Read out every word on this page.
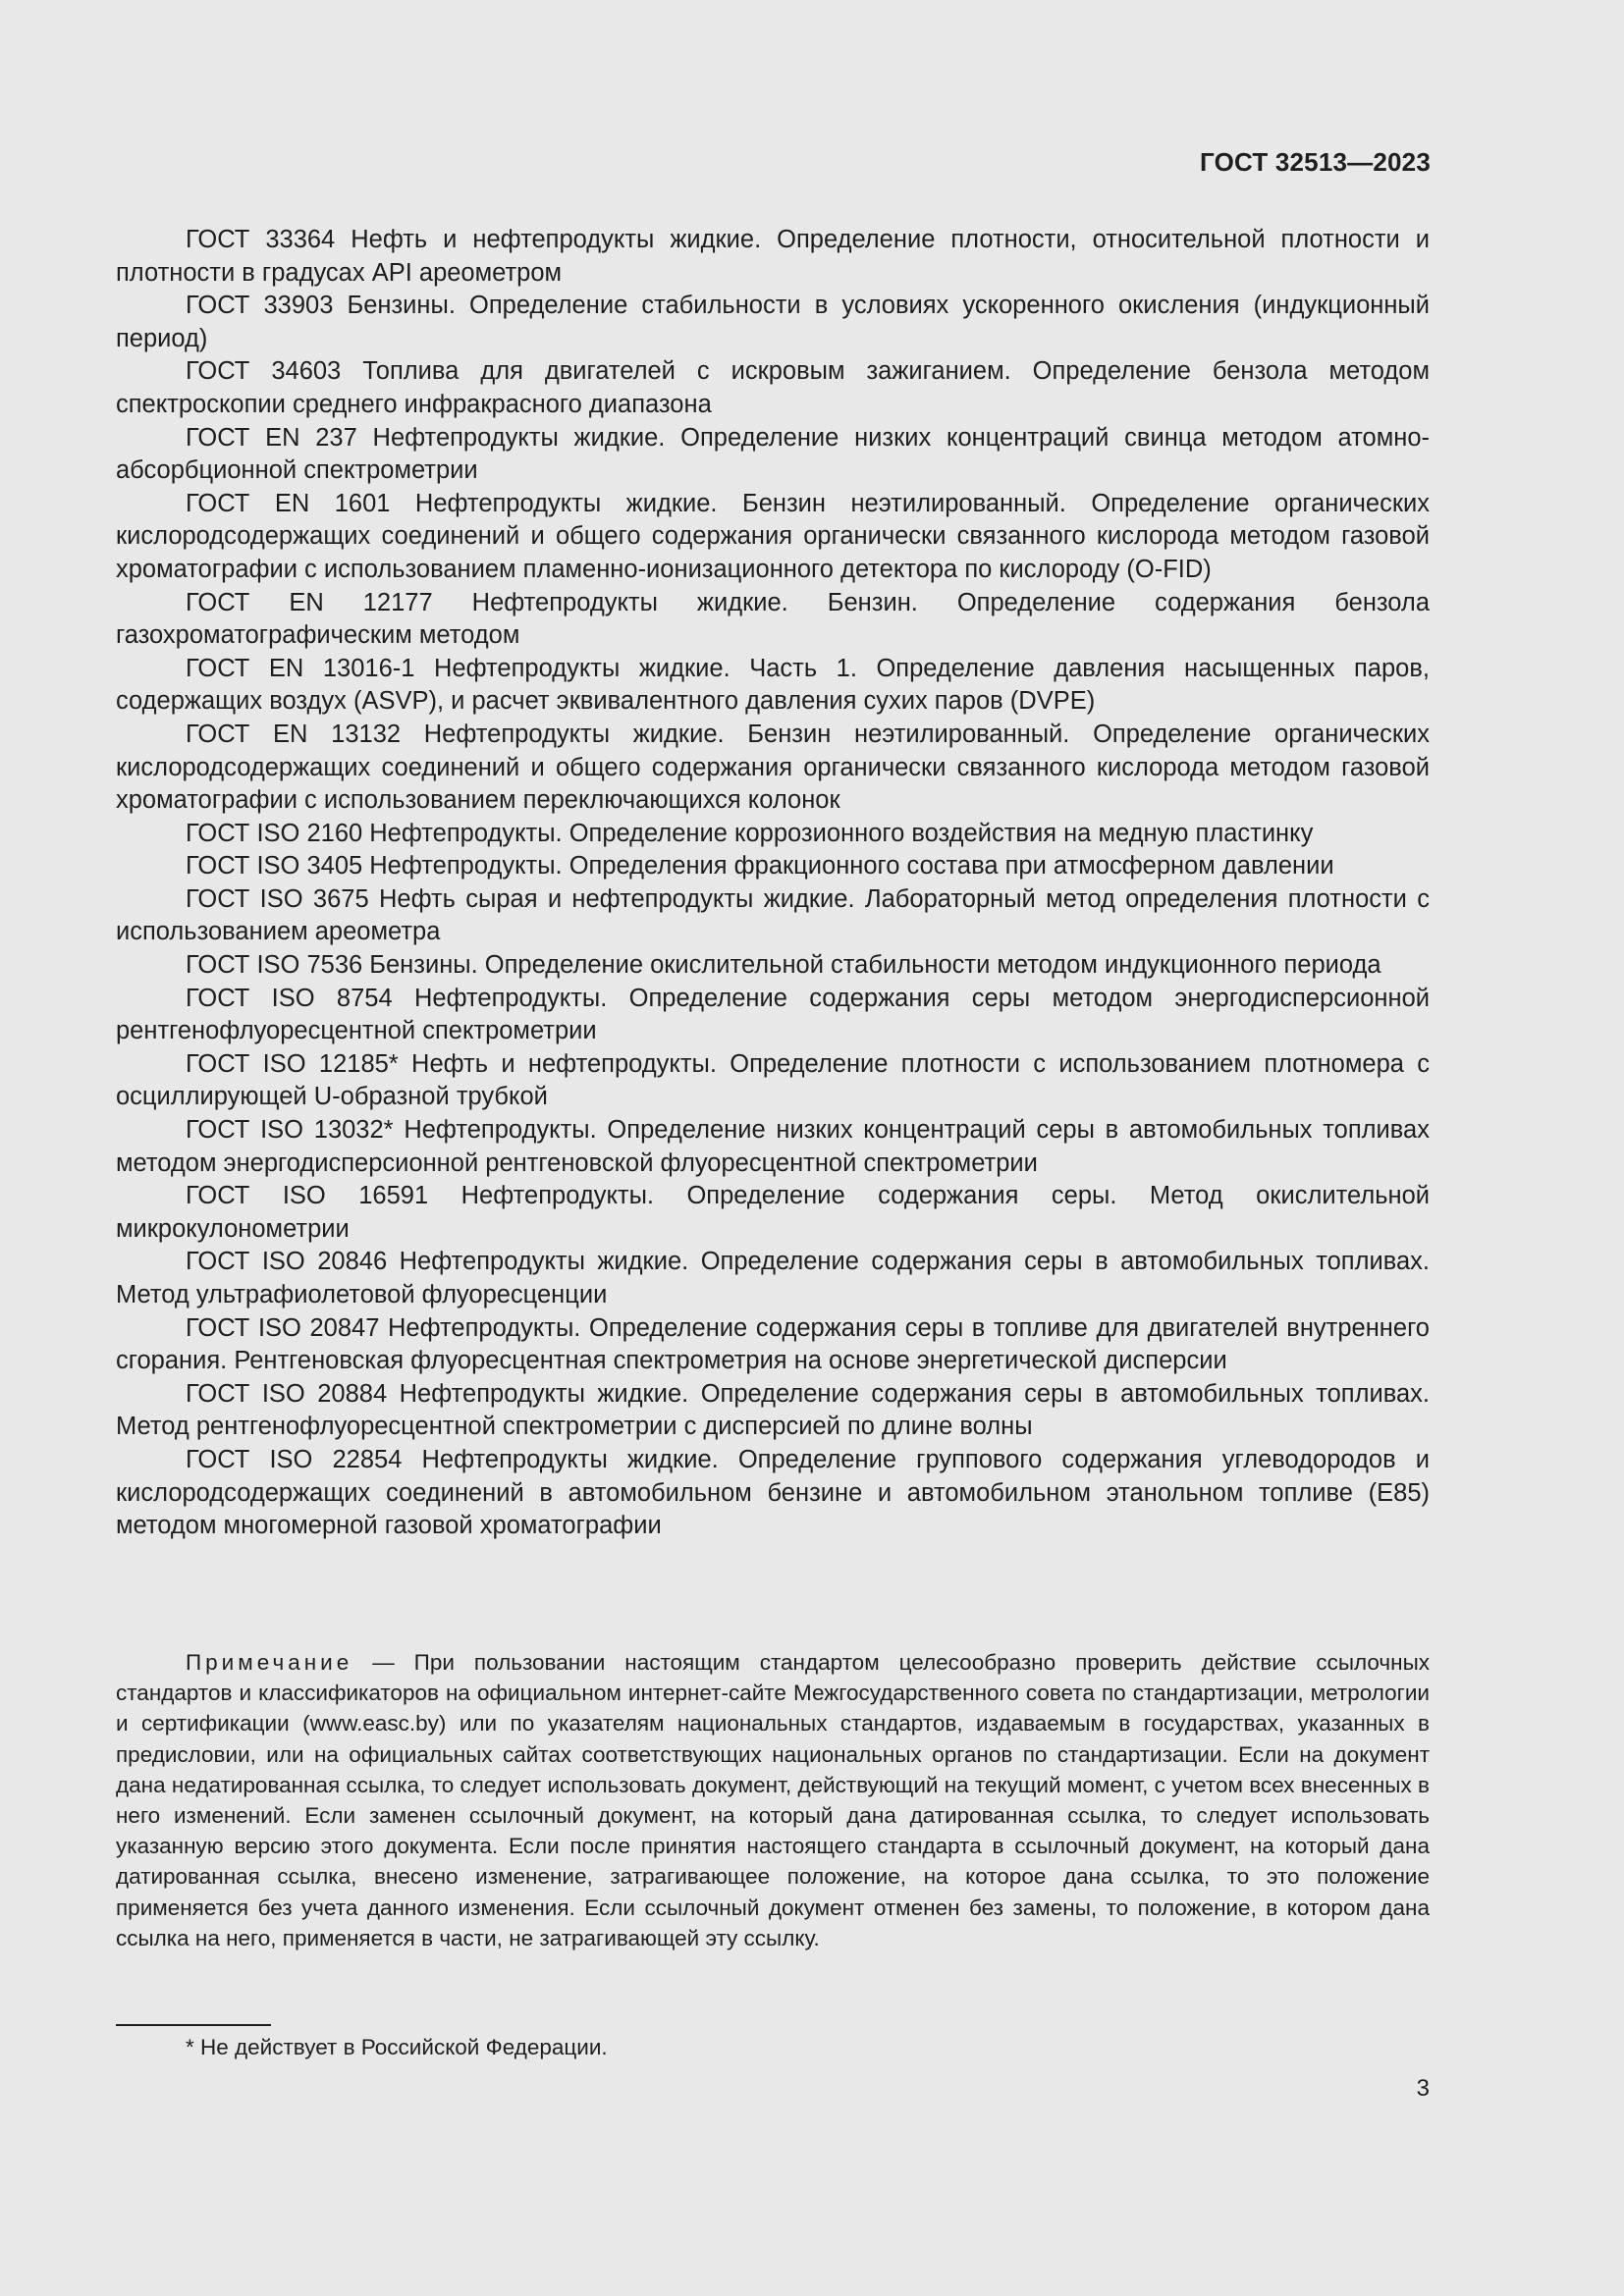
ГОСТ 32513—2023

ГОСТ 33364 Нефть и нефтепродукты жидкие. Определение плотности, относительной плотности и плотности в градусах API ареометром

ГОСТ 33903 Бензины. Определение стабильности в условиях ускоренного окисления (индукционный период)

ГОСТ 34603 Топлива для двигателей с искровым зажиганием. Определение бензола методом спектроскопии среднего инфракрасного диапазона

ГОСТ EN 237 Нефтепродукты жидкие. Определение низких концентраций свинца методом атомно-абсорбционной спектрометрии

ГОСТ EN 1601 Нефтепродукты жидкие. Бензин неэтилированный. Определение органических кислородсодержащих соединений и общего содержания органически связанного кислорода методом газовой хроматографии с использованием пламенно-ионизационного детектора по кислороду (O-FID)

ГОСТ EN 12177 Нефтепродукты жидкие. Бензин. Определение содержания бензола газохроматографическим методом

ГОСТ EN 13016-1 Нефтепродукты жидкие. Часть 1. Определение давления насыщенных паров, содержащих воздух (ASVP), и расчет эквивалентного давления сухих паров (DVPE)

ГОСТ EN 13132 Нефтепродукты жидкие. Бензин неэтилированный. Определение органических кислородсодержащих соединений и общего содержания органически связанного кислорода методом газовой хроматографии с использованием переключающихся колонок

ГОСТ ISO 2160 Нефтепродукты. Определение коррозионного воздействия на медную пластинку

ГОСТ ISO 3405 Нефтепродукты. Определения фракционного состава при атмосферном давлении

ГОСТ ISO 3675 Нефть сырая и нефтепродукты жидкие. Лабораторный метод определения плотности с использованием ареометра

ГОСТ ISO 7536 Бензины. Определение окислительной стабильности методом индукционного периода

ГОСТ ISO 8754 Нефтепродукты. Определение содержания серы методом энергодисперсионной рентгенофлуоресцентной спектрометрии

ГОСТ ISO 12185* Нефть и нефтепродукты. Определение плотности с использованием плотномера с осциллирующей U-образной трубкой

ГОСТ ISO 13032* Нефтепродукты. Определение низких концентраций серы в автомобильных топливах методом энергодисперсионной рентгеновской флуоресцентной спектрометрии

ГОСТ ISO 16591 Нефтепродукты. Определение содержания серы. Метод окислительной микрокулонометрии

ГОСТ ISO 20846 Нефтепродукты жидкие. Определение содержания серы в автомобильных топливах. Метод ультрафиолетовой флуоресценции

ГОСТ ISO 20847 Нефтепродукты. Определение содержания серы в топливе для двигателей внутреннего сгорания. Рентгеновская флуоресцентная спектрометрия на основе энергетической дисперсии

ГОСТ ISO 20884 Нефтепродукты жидкие. Определение содержания серы в автомобильных топливах. Метод рентгенофлуоресцентной спектрометрии с дисперсией по длине волны

ГОСТ ISO 22854 Нефтепродукты жидкие. Определение группового содержания углеводородов и кислородсодержащих соединений в автомобильном бензине и автомобильном этанольном топливе (E85) методом многомерной газовой хроматографии

Примечание — При пользовании настоящим стандартом целесообразно проверить действие ссылочных стандартов и классификаторов на официальном интернет-сайте Межгосударственного совета по стандартизации, метрологии и сертификации (www.easc.by) или по указателям национальных стандартов, издаваемым в государствах, указанных в предисловии, или на официальных сайтах соответствующих национальных органов по стандартизации. Если на документ дана недатированная ссылка, то следует использовать документ, действующий на текущий момент, с учетом всех внесенных в него изменений. Если заменен ссылочный документ, на который дана датированная ссылка, то следует использовать указанную версию этого документа. Если после принятия настоящего стандарта в ссылочный документ, на который дана датированная ссылка, внесено изменение, затрагивающее положение, на которое дана ссылка, то это положение применяется без учета данного изменения. Если ссылочный документ отменен без замены, то положение, в котором дана ссылка на него, применяется в части, не затрагивающей эту ссылку.

* Не действует в Российской Федерации.
3
